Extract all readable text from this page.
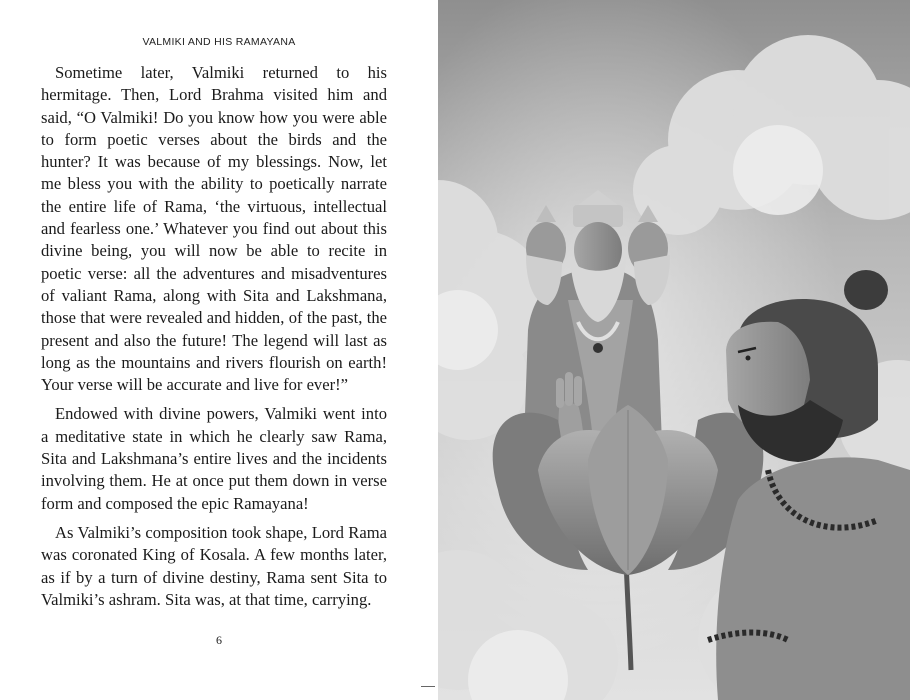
VALMIKI AND HIS RAMAYANA

Sometime later, Valmiki returned to his hermitage. Then, Lord Brahma visited him and said, “O Valmiki! Do you know how you were able to form poetic verses about the birds and the hunter? It was because of my blessings. Now, let me bless you with the ability to poetically narrate the entire life of Rama, ‘the virtuous, intellectual and fearless one.’ Whatever you find out about this divine being, you will now be able to recite in poetic verse: all the adventures and misadventures of valiant Rama, along with Sita and Lakshmana, those that were revealed and hidden, of the past, the present and also the future! The legend will last as long as the mountains and rivers flourish on earth! Your verse will be accurate and live for ever!”

Endowed with divine powers, Valmiki went into a meditative state in which he clearly saw Rama, Sita and Lakshmana’s entire lives and the incidents involving them. He at once put them down in verse form and composed the epic Ramayana!

As Valmiki’s composition took shape, Lord Rama was coronated King of Kosala. A few months later, as if by a turn of divine destiny, Rama sent Sita to Valmiki’s ashram. Sita was, at that time, carrying.

6
